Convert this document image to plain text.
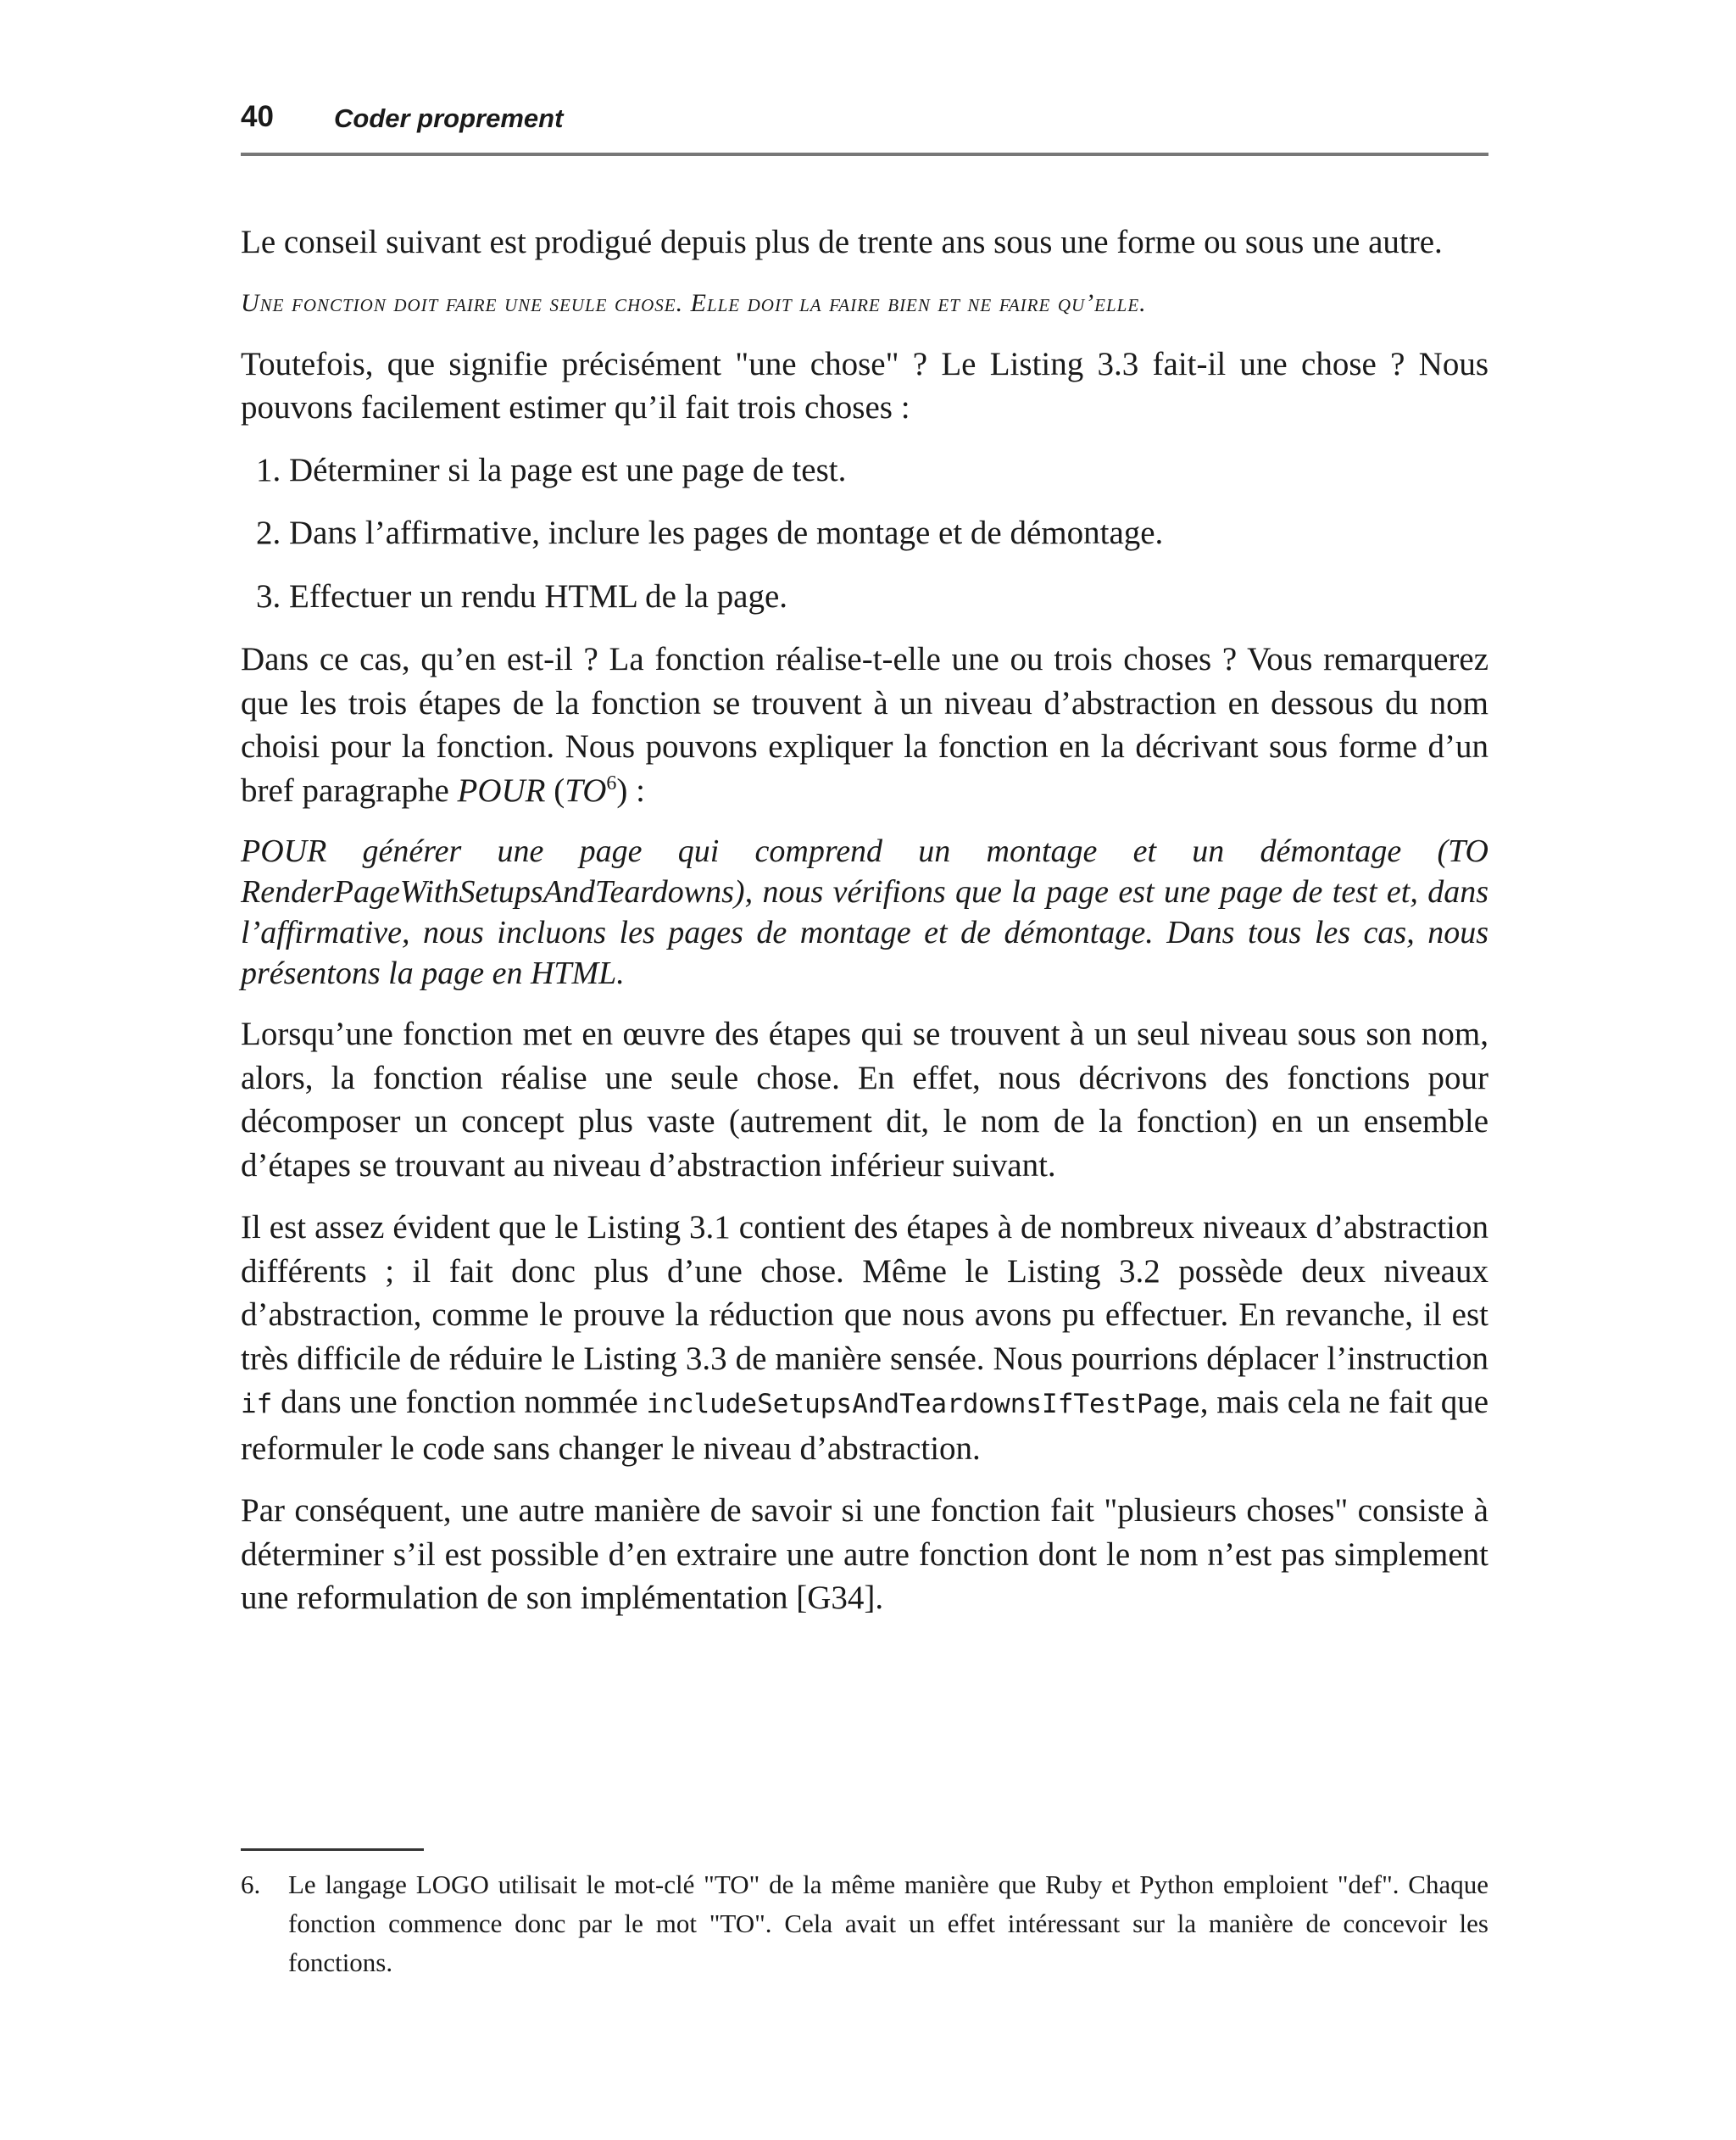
40 Coder proprement

Le conseil suivant est prodigué depuis plus de trente ans sous une forme ou sous une autre.

Une fonction doit faire une seule chose. Elle doit la faire bien et ne faire qu’elle.

Toutefois, que signifie précisément "une chose" ? Le Listing 3.3 fait-il une chose ? Nous pouvons facilement estimer qu’il fait trois choses :

1. Déterminer si la page est une page de test.
2. Dans l’affirmative, inclure les pages de montage et de démontage.
3. Effectuer un rendu HTML de la page.

Dans ce cas, qu’en est-il ? La fonction réalise-t-elle une ou trois choses ? Vous remarquerez que les trois étapes de la fonction se trouvent à un niveau d’abstraction en dessous du nom choisi pour la fonction. Nous pouvons expliquer la fonction en la décrivant sous forme d’un bref paragraphe POUR $(TO^6)$ :

POUR générer une page qui comprend un montage et un démontage (TO RenderPageWithSetupsAndTeardowns), nous vérifions que la page est une page de test et, dans l’affirmative, nous incluons les pages de montage et de démontage. Dans tous les cas, nous présentons la page en HTML.

Lorsqu’une fonction met en œuvre des étapes qui se trouvent à un seul niveau sous son nom, alors, la fonction réalise une seule chose. En effet, nous décrivons des fonctions pour décomposer un concept plus vaste (autrement dit, le nom de la fonction) en un ensemble d’étapes se trouvant au niveau d’abstraction inférieur suivant.

Il est assez évident que le Listing 3.1 contient des étapes à de nombreux niveaux d’abstraction différents ; il fait donc plus d’une chose. Même le Listing 3.2 possède deux niveaux d’abstraction, comme le prouve la réduction que nous avons pu effectuer. En revanche, il est très difficile de réduire le Listing 3.3 de manière sensée. Nous pourrions déplacer l’instruction if dans une fonction nommée includeSetupsAndTeardownsIfTestPage, mais cela ne fait que reformuler le code sans changer le niveau d’abstraction.

Par conséquent, une autre manière de savoir si une fonction fait "plusieurs choses" consiste à déterminer s’il est possible d’en extraire une autre fonction dont le nom n’est pas simplement une reformulation de son implémentation [G34].

6. Le langage LOGO utilisait le mot-clé "TO" de la même manière que Ruby et Python emploient "def". Chaque fonction commence donc par le mot "TO". Cela avait un effet intéressant sur la manière de concevoir les fonctions.
